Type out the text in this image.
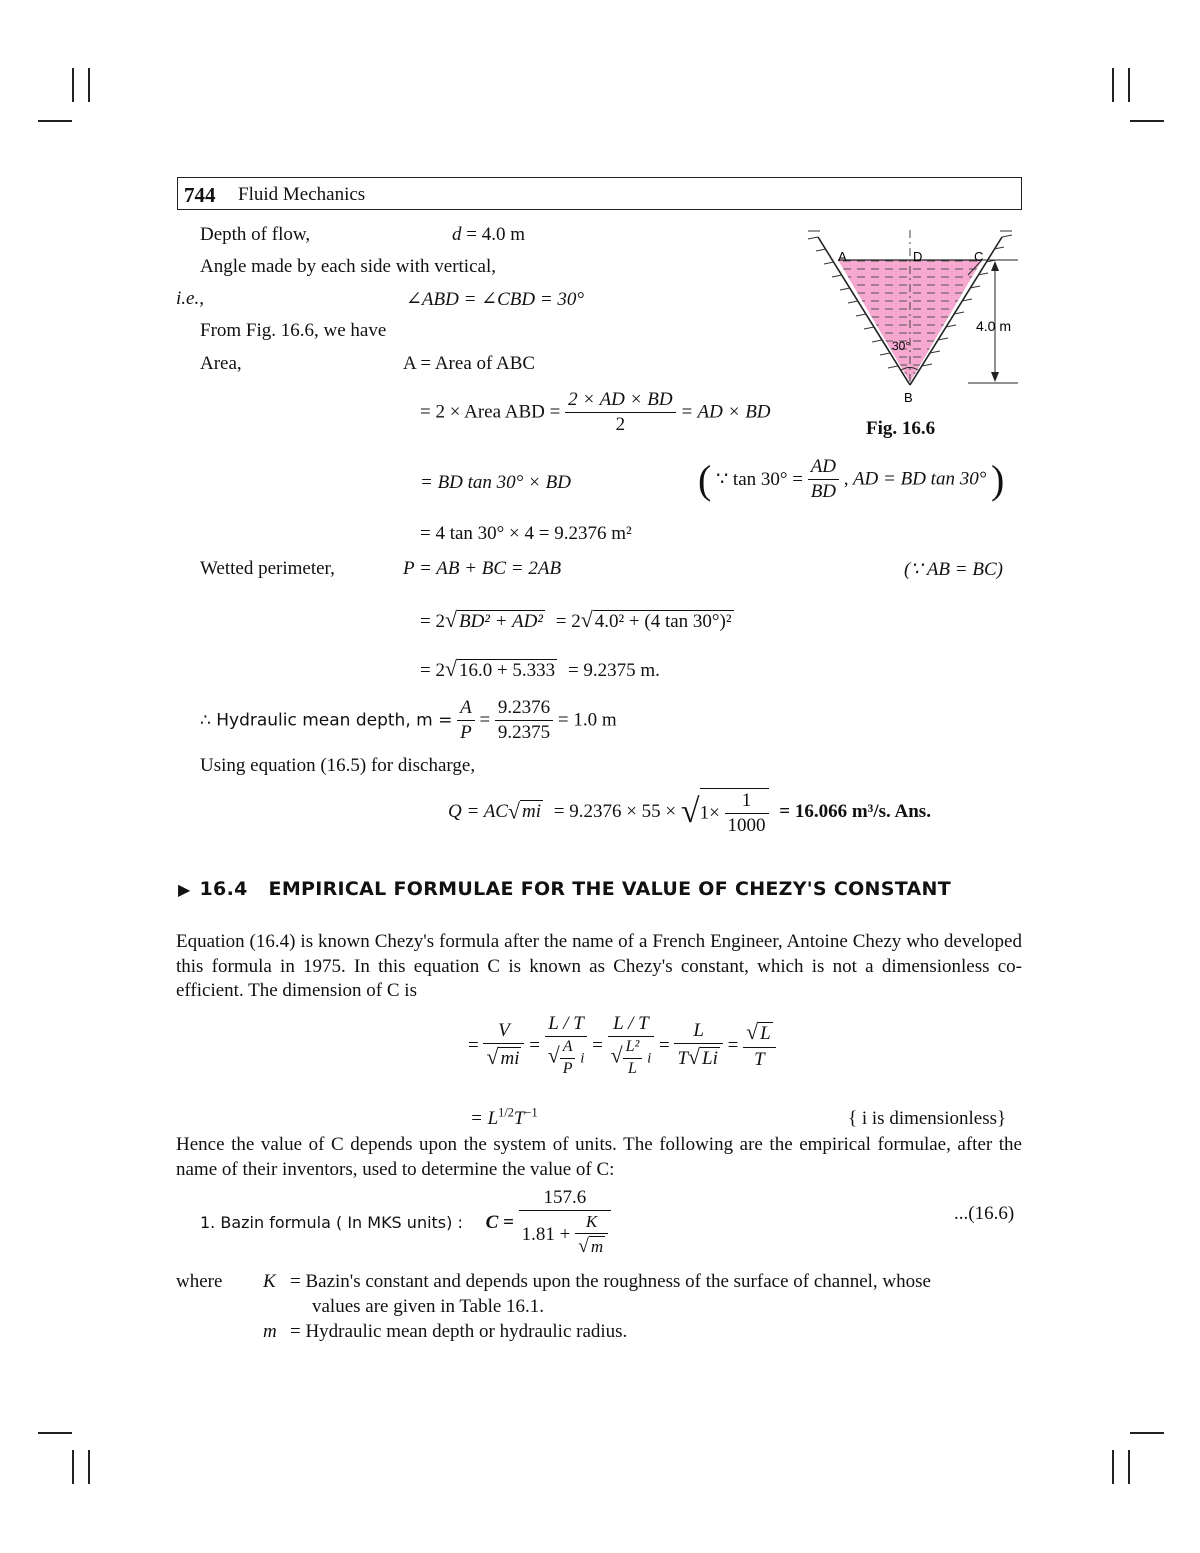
744 Fluid Mechanics
A	D	C
B
30°
4.0 m
Fig. 16.6
Depth of flow,	d = 4.0 m
Angle made by each side with vertical,
i.e.,	∠ABD = ∠CBD = 30°
From Fig. 16.6, we have
Area,	A = Area of ABC
= 2 × Area ABD = $\frac{2 \times AD \times BD}{2}$ = AD × BD
= BD tan 30° × BD	( ∵ $\tan 30^\circ = \frac{AD}{BD}$ , AD = BD tan 30° )
= 4 tan 30° × 4 = 9.2376 m²
Wetted perimeter,	P = AB + BC = 2AB	(∵ AB = BC)
= 2√ BD² + AD² = 2√ 4.0² + (4 tan 30°)²
= 2√ 16.0 + 5.333 = 9.2375 m.
∴ Hydraulic mean depth, $m = \frac{A}{P} = \frac{9.2376}{9.2375} = 1.0$ m
Using equation (16.5) for discharge,
Q = AC√ mi = $9.2376 \times 55 \times √1\times \frac{1}{1000} = 16.066$ m³/s. Ans.
▶ 16.4 EMPIRICAL FORMULAE FOR THE VALUE OF CHEZY'S CONSTANT
Equation (16.4) is known Chezy's formula after the name of a French Engineer, Antoine Chezy who developed this formula in 1975. In this equation C is known as Chezy's constant, which is not a dimensionless co-efficient. The dimension of C is
= $\frac{V}{√ mi} = \frac{L / T}{√ \frac{A}{P} i} = \frac{L / T}{√ \frac{\text{L²}}{L} i} = \frac{L}{T√ Li} = \frac{√ L}{T}$
= $L^{1/2}T^{-1}$	{ i is dimensionless}
Hence the value of C depends upon the system of units. The following are the empirical formulae, after the name of their inventors, used to determine the value of C:
1. Bazin formula ( In MKS units) : $C = \frac{157.6}{1.81 + \frac{K}{√ m}}$	...(16.6)
where K = Bazin's constant and depends upon the roughness of the surface of channel, whose
values are given in Table 16.1.
m = Hydraulic mean depth or hydraulic radius.
